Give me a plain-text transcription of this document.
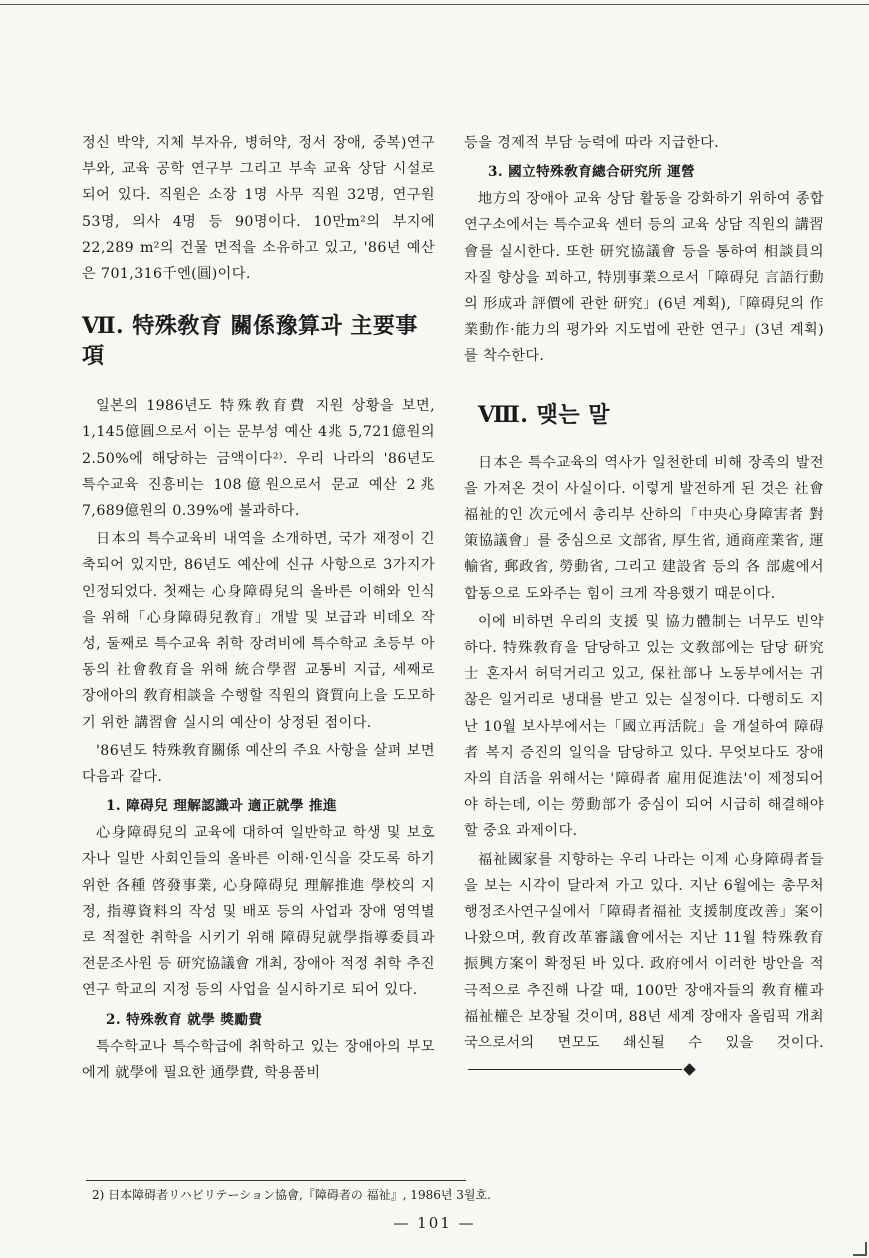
정신 박약, 지체 부자유, 병허약, 정서 장애, 중복)연구부와, 교육 공학 연구부 그리고 부속 교육 상담 시설로 되어 있다. 직원은 소장 1명 사무 직원 32명, 연구원 53명, 의사 4명 등 90명이다. 10만m²의 부지에 22,289 m²의 건물 면적을 소유하고 있고, '86년 예산은 701,316千엔(圓)이다.

Ⅶ. 特殊敎育 關係豫算과 主要事項

일본의 1986년도 特殊敎育費 지원 상황을 보면, 1,145億圓으로서 이는 문부성 예산 4兆 5,721億원의 2.50%에 해당하는 금액이다²⁾. 우리 나라의 '86년도 특수교육 진흥비는 108億원으로서 문교 예산 2兆 7,689億원의 0.39%에 불과하다.

日本의 특수교육비 내역을 소개하면, 국가 재정이 긴축되어 있지만, 86년도 예산에 신규 사항으로 3가지가 인정되었다. 첫째는 心身障碍兒의 올바른 이해와 인식을 위해「心身障碍兒敎育」개발 및 보급과 비데오 작성, 둘째로 특수교육 취학 장려비에 특수학교 초등부 아동의 社會敎育을 위해 統合學習 교통비 지급, 세째로 장애아의 敎育相談을 수행할 직원의 資質向上을 도모하기 위한 講習會 실시의 예산이 상정된 점이다.

'86년도 特殊敎育關係 예산의 주요 사항을 살펴 보면 다음과 같다.

1. 障碍兒 理解認識과 適正就學 推進

心身障碍兒의 교육에 대하여 일반학교 학생 및 보호자나 일반 사회인들의 올바른 이해·인식을 갖도록 하기 위한 各種 啓發事業, 心身障碍兒 理解推進 學校의 지정, 指導資料의 작성 및 배포 등의 사업과 장애 영역별로 적절한 취학을 시키기 위해 障碍兒就學指導委員과 전문조사원 등 研究協議會 개최, 장애아 적정 취학 추진 연구 학교의 지정 등의 사업을 실시하기로 되어 있다.

2. 特殊敎育 就學 獎勵費

특수학교나 특수학급에 취학하고 있는 장애아의 부모에게 就學에 필요한 通學費, 학용품비

등을 경제적 부담 능력에 따라 지급한다.

3. 國立特殊敎育總合研究所 運營

地方의 장애아 교육 상담 활동을 강화하기 위하여 종합 연구소에서는 특수교육 센터 등의 교육 상담 직원의 講習會를 실시한다. 또한 研究協議會 등을 통하여 相談員의 자질 향상을 꾀하고, 特別事業으로서「障碍兒 言語行動의 形成과 評價에 관한 研究」(6년 계획),「障碍兒의 作業動作·能力의 평가와 지도법에 관한 연구」(3년 계획)를 착수한다.

Ⅷ. 맺는 말

日本은 특수교육의 역사가 일천한데 비해 장족의 발전을 가져온 것이 사실이다. 이렇게 발전하게 된 것은 社會福祉的인 次元에서 총리부 산하의「中央心身障害者 對策協議會」를 중심으로 文部省, 厚生省, 通商産業省, 運輸省, 郵政省, 勞動省, 그리고 建設省 등의 各 部處에서 합동으로 도와주는 힘이 크게 작용했기 때문이다.

이에 비하면 우리의 支援 및 協力體制는 너무도 빈약하다. 特殊敎育을 담당하고 있는 文敎部에는 담당 研究士 혼자서 허덕거리고 있고, 保社部나 노동부에서는 귀찮은 일거리로 냉대를 받고 있는 실정이다. 다행히도 지난 10월 보사부에서는「國立再活院」을 개설하여 障碍者 복지 증진의 일익을 담당하고 있다. 무엇보다도 장애자의 自活을 위해서는 '障碍者 雇用促進法'이 제정되어야 하는데, 이는 勞動部가 중심이 되어 시급히 해결해야 할 중요 과제이다.

福祉國家를 지향하는 우리 나라는 이제 心身障碍者들을 보는 시각이 달라져 가고 있다. 지난 6월에는 총무처 행정조사연구실에서「障碍者福祉 支援制度改善」案이 나왔으며, 敎育改革審議會에서는 지난 11월 特殊敎育 振興方案이 확정된 바 있다. 政府에서 이러한 방안을 적극적으로 추진해 나갈 때, 100만 장애자들의 敎育權과 福祉權은 보장될 것이며, 88년 세계 장애자 올림픽 개최국으로서의 면모도 쇄신될 수 있을 것이다.

2) 日本障碍者リハビリテーション協會,『障碍者の 福祉』, 1986년 3월호.
— 101 —
